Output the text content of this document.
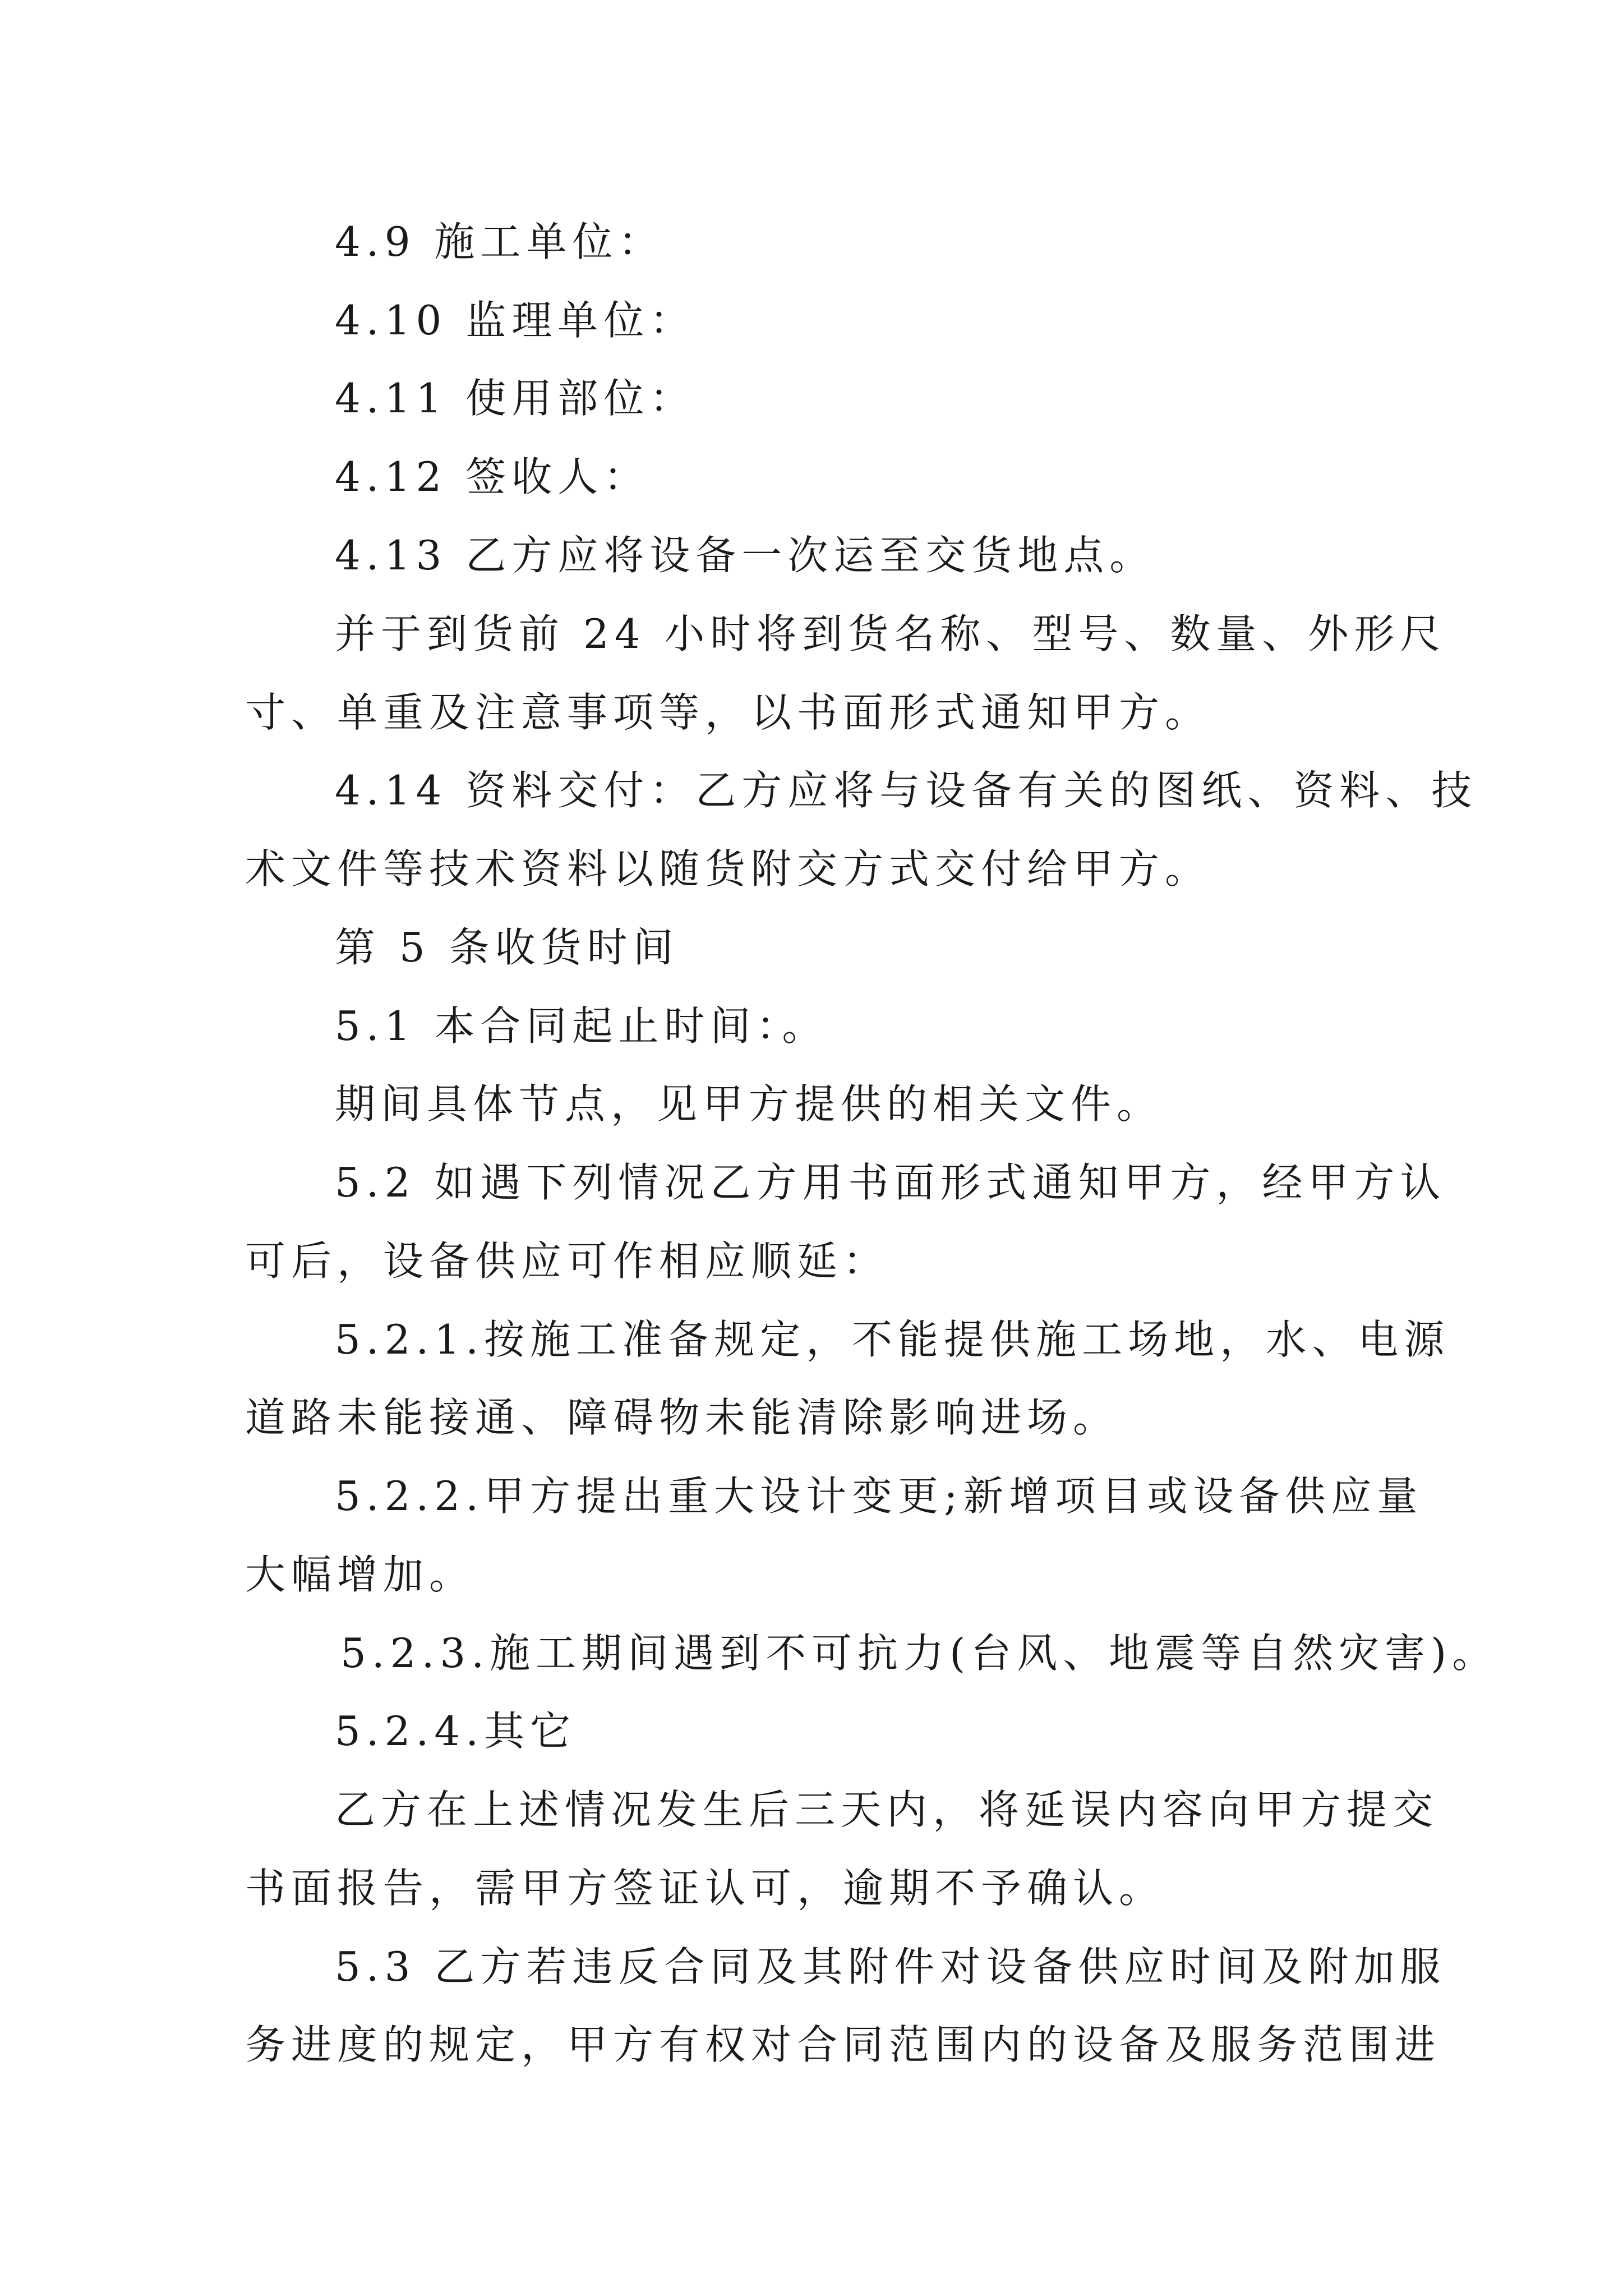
4.9 施工单位：
4.10 监理单位：
4.11 使用部位：
4.12 签收人：
4.13 乙方应将设备一次运至交货地点。
并于到货前 24 小时将到货名称、型号、数量、外形尺
寸、单重及注意事项等，以书面形式通知甲方。
4.14 资料交付：乙方应将与设备有关的图纸、资料、技
术文件等技术资料以随货附交方式交付给甲方。
第 5 条收货时间
5.1 本合同起止时间：。
期间具体节点，见甲方提供的相关文件。
5.2 如遇下列情况乙方用书面形式通知甲方，经甲方认
可后，设备供应可作相应顺延：
5.2.1.按施工准备规定，不能提供施工场地，水、电源
道路未能接通、障碍物未能清除影响进场。
5.2.2.甲方提出重大设计变更;新增项目或设备供应量
大幅增加。
5.2.3.施工期间遇到不可抗力(台风、地震等自然灾害)。
5.2.4.其它
乙方在上述情况发生后三天内，将延误内容向甲方提交
书面报告，需甲方签证认可，逾期不予确认。
5.3 乙方若违反合同及其附件对设备供应时间及附加服
务进度的规定，甲方有权对合同范围内的设备及服务范围进
